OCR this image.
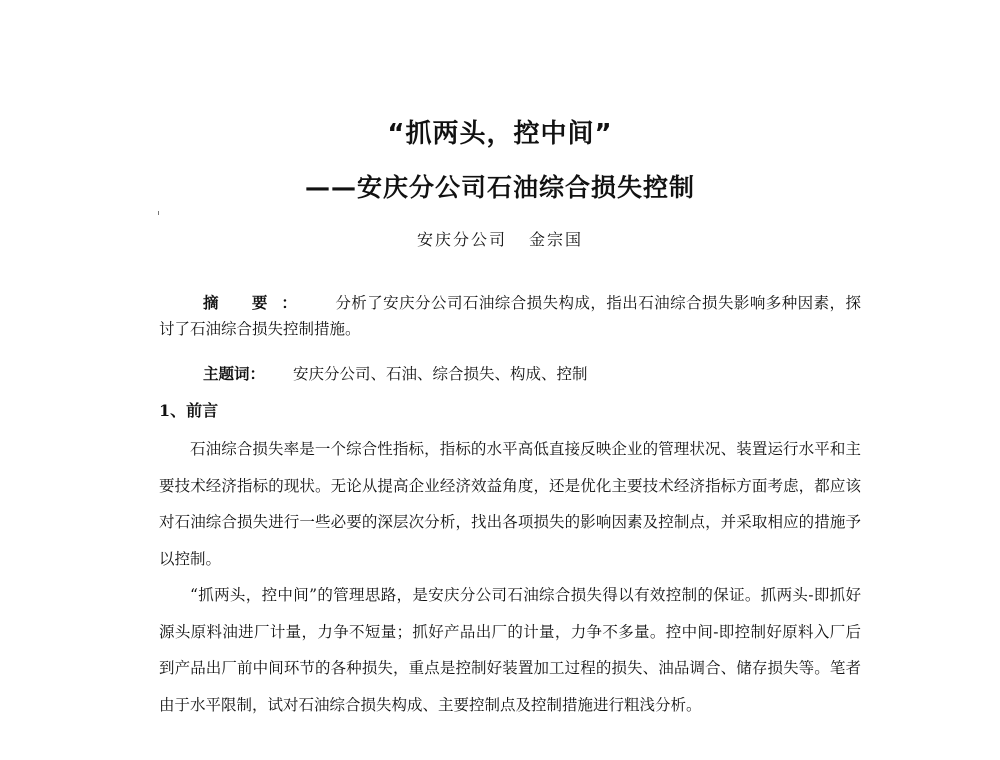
“抓两头，控中间”
——安庆分公司石油综合损失控制
安庆分公司 金宗国
摘 要： 分析了安庆分公司石油综合损失构成，指出石油综合损失影响多种因素，探讨了石油综合损失控制措施。
主题词： 安庆分公司、石油、综合损失、构成、控制
1、前言

石油综合损失率是一个综合性指标，指标的水平高低直接反映企业的管理状况、装置运行水平和主要技术经济指标的现状。无论从提高企业经济效益角度，还是优化主要技术经济指标方面考虑，都应该对石油综合损失进行一些必要的深层次分析，找出各项损失的影响因素及控制点，并采取相应的措施予以控制。

“抓两头，控中间”的管理思路，是安庆分公司石油综合损失得以有效控制的保证。抓两头-即抓好源头原料油进厂计量，力争不短量；抓好产品出厂的计量，力争不多量。控中间-即控制好原料入厂后到产品出厂前中间环节的各种损失，重点是控制好装置加工过程的损失、油品调合、储存损失等。笔者由于水平限制，试对石油综合损失构成、主要控制点及控制措施进行粗浅分析。
